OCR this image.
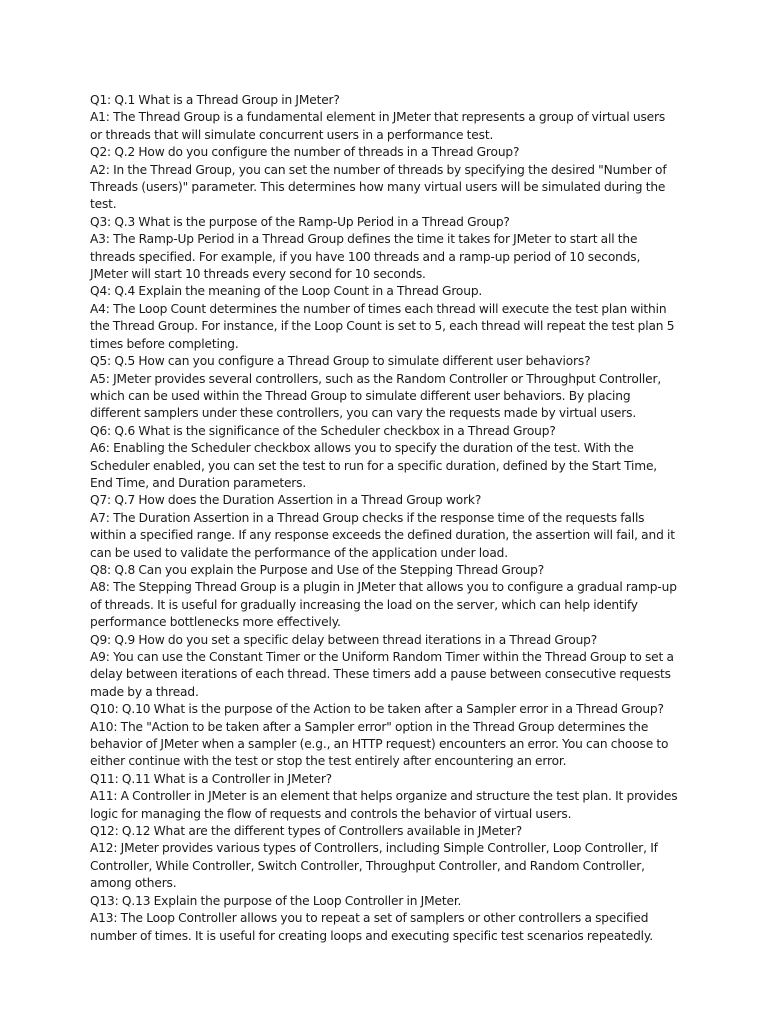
Q1: Q.1 What is a Thread Group in JMeter?

A1: The Thread Group is a fundamental element in JMeter that represents a group of virtual users or threads that will simulate concurrent users in a performance test.

Q2: Q.2 How do you configure the number of threads in a Thread Group?

A2: In the Thread Group, you can set the number of threads by specifying the desired "Number of Threads (users)" parameter. This determines how many virtual users will be simulated during the test.

Q3: Q.3 What is the purpose of the Ramp-Up Period in a Thread Group?

A3: The Ramp-Up Period in a Thread Group defines the time it takes for JMeter to start all the threads specified. For example, if you have 100 threads and a ramp-up period of 10 seconds, JMeter will start 10 threads every second for 10 seconds.

Q4: Q.4 Explain the meaning of the Loop Count in a Thread Group.

A4: The Loop Count determines the number of times each thread will execute the test plan within the Thread Group. For instance, if the Loop Count is set to 5, each thread will repeat the test plan 5 times before completing.

Q5: Q.5 How can you configure a Thread Group to simulate different user behaviors?

A5: JMeter provides several controllers, such as the Random Controller or Throughput Controller, which can be used within the Thread Group to simulate different user behaviors. By placing different samplers under these controllers, you can vary the requests made by virtual users.

Q6: Q.6 What is the significance of the Scheduler checkbox in a Thread Group?

A6: Enabling the Scheduler checkbox allows you to specify the duration of the test. With the Scheduler enabled, you can set the test to run for a specific duration, defined by the Start Time, End Time, and Duration parameters.

Q7: Q.7 How does the Duration Assertion in a Thread Group work?

A7: The Duration Assertion in a Thread Group checks if the response time of the requests falls within a specified range. If any response exceeds the defined duration, the assertion will fail, and it can be used to validate the performance of the application under load.

Q8: Q.8 Can you explain the Purpose and Use of the Stepping Thread Group?

A8: The Stepping Thread Group is a plugin in JMeter that allows you to configure a gradual ramp-up of threads. It is useful for gradually increasing the load on the server, which can help identify performance bottlenecks more effectively.

Q9: Q.9 How do you set a specific delay between thread iterations in a Thread Group?

A9: You can use the Constant Timer or the Uniform Random Timer within the Thread Group to set a delay between iterations of each thread. These timers add a pause between consecutive requests made by a thread.

Q10: Q.10 What is the purpose of the Action to be taken after a Sampler error in a Thread Group?

A10: The "Action to be taken after a Sampler error" option in the Thread Group determines the behavior of JMeter when a sampler (e.g., an HTTP request) encounters an error. You can choose to either continue with the test or stop the test entirely after encountering an error.

Q11: Q.11 What is a Controller in JMeter?

A11: A Controller in JMeter is an element that helps organize and structure the test plan. It provides logic for managing the flow of requests and controls the behavior of virtual users.

Q12: Q.12 What are the different types of Controllers available in JMeter?

A12: JMeter provides various types of Controllers, including Simple Controller, Loop Controller, If Controller, While Controller, Switch Controller, Throughput Controller, and Random Controller, among others.

Q13: Q.13 Explain the purpose of the Loop Controller in JMeter.

A13: The Loop Controller allows you to repeat a set of samplers or other controllers a specified number of times. It is useful for creating loops and executing specific test scenarios repeatedly.
